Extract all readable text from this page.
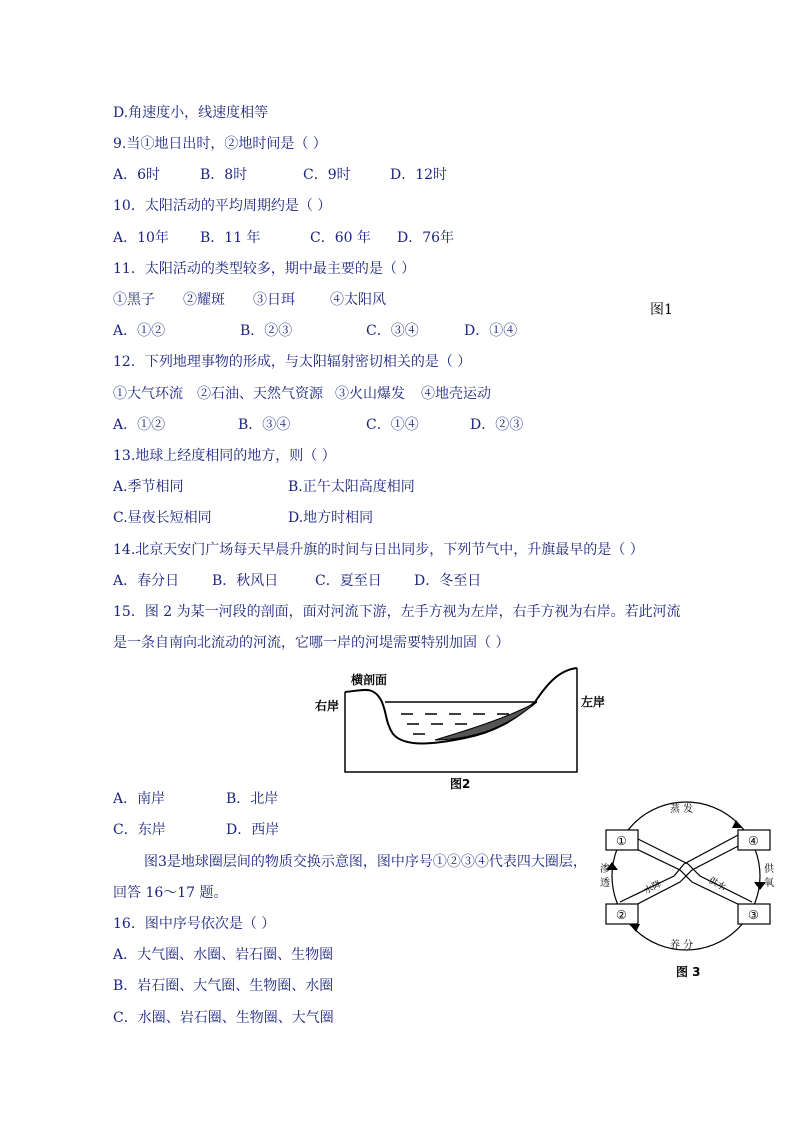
D.角速度小，线速度相等
9.当①地日出时，②地时间是（ ）
A．6时	B．8时	C．9时	D．12时
10．太阳活动的平均周期约是（ ）
A．10年 B．11 年	C．60 年 D．76年
11．太阳活动的类型较多，期中最主要的是（ ）
①黑子 ②耀斑 ③日珥	④太阳风
A．①②	B．②③	C．③④	D．①④
图1
12．下列地理事物的形成，与太阳辐射密切相关的是（ ）
①大气环流 ②石油、天然气资源 ③火山爆发 ④地壳运动
A．①②	B．③④	C．①④	D．②③
13.地球上经度相同的地方，则（ ）
A.季节相同	B.正午太阳高度相同
C.昼夜长短相同	D.地方时相同
14.北京天安门广场每天早晨升旗的时间与日出同步，下列节气中，升旗最早的是（ ）
A．春分日 B．秋风日	C．夏至日 D．冬至日
15．图 2 为某一河段的剖面，面对河流下游，左手方视为左岸，右手方视为右岸。若此河流
是一条自南向北流动的河流，它哪一岸的河堤需要特别加固（ ）
横剖面
右岸	左岸
图2
A．南岸	B．北岸
C．东岸	D．西岸
图3是地球圈层间的物质交换示意图，图中序号①②③④代表四大圈层，
回答 16～17 题。
16．图中序号依次是（ ）
A．大气圈、水圈、岩石圈、生物圈
B．岩石圈、大气圈、生物圈、水圈
C．水圈、岩石圈、生物圈、大气圈
①	④
②	③
蒸 发
养 分
渗
透
供
氧
水降	供水
图 3
